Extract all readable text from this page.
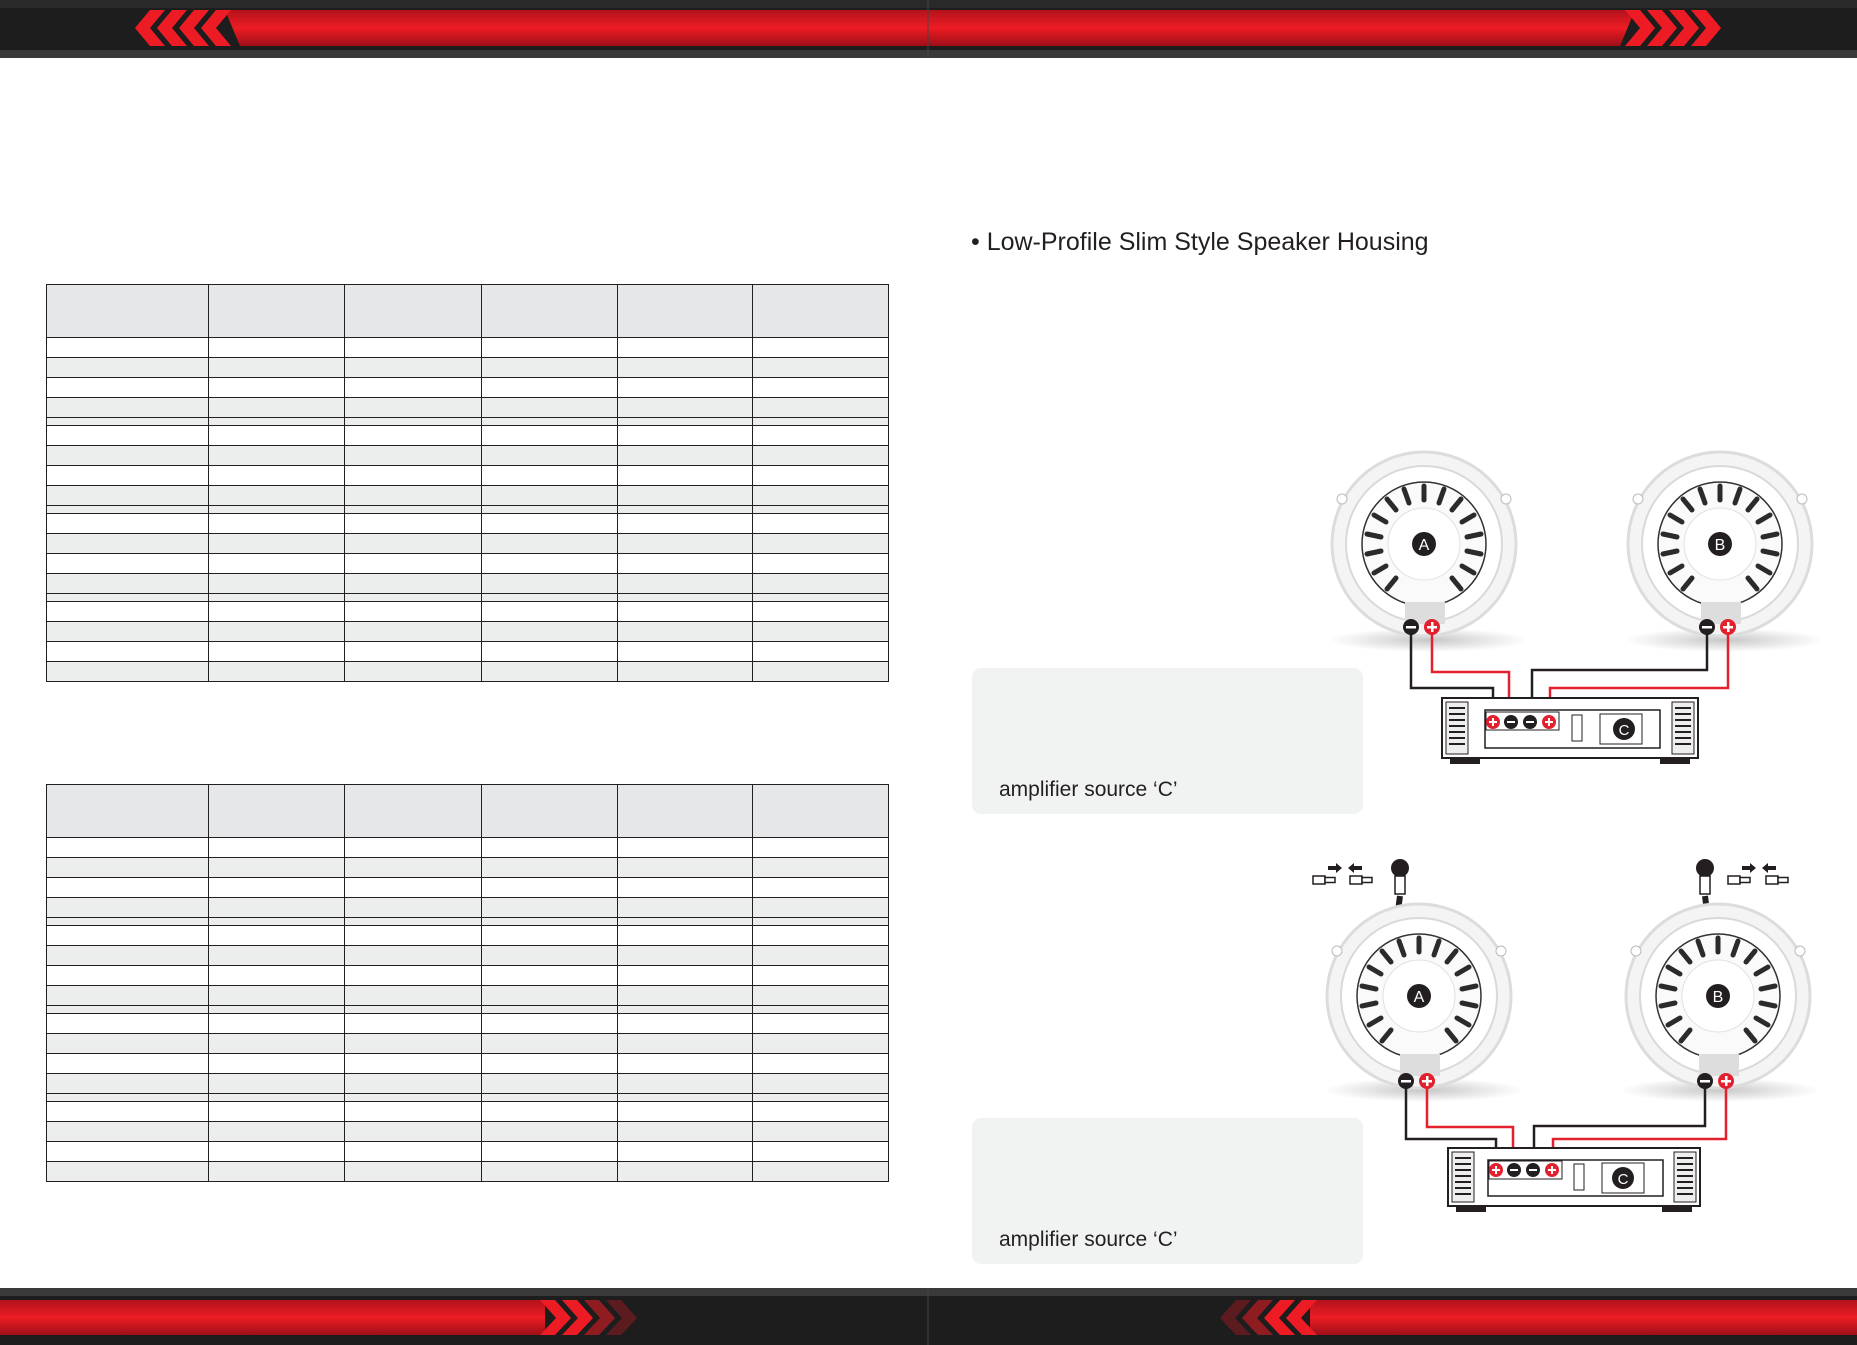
• Low-Profile Slim Style Speaker Housing
amplifier source ‘C’
amplifier source ‘C’
A	B
C
A	B
C
